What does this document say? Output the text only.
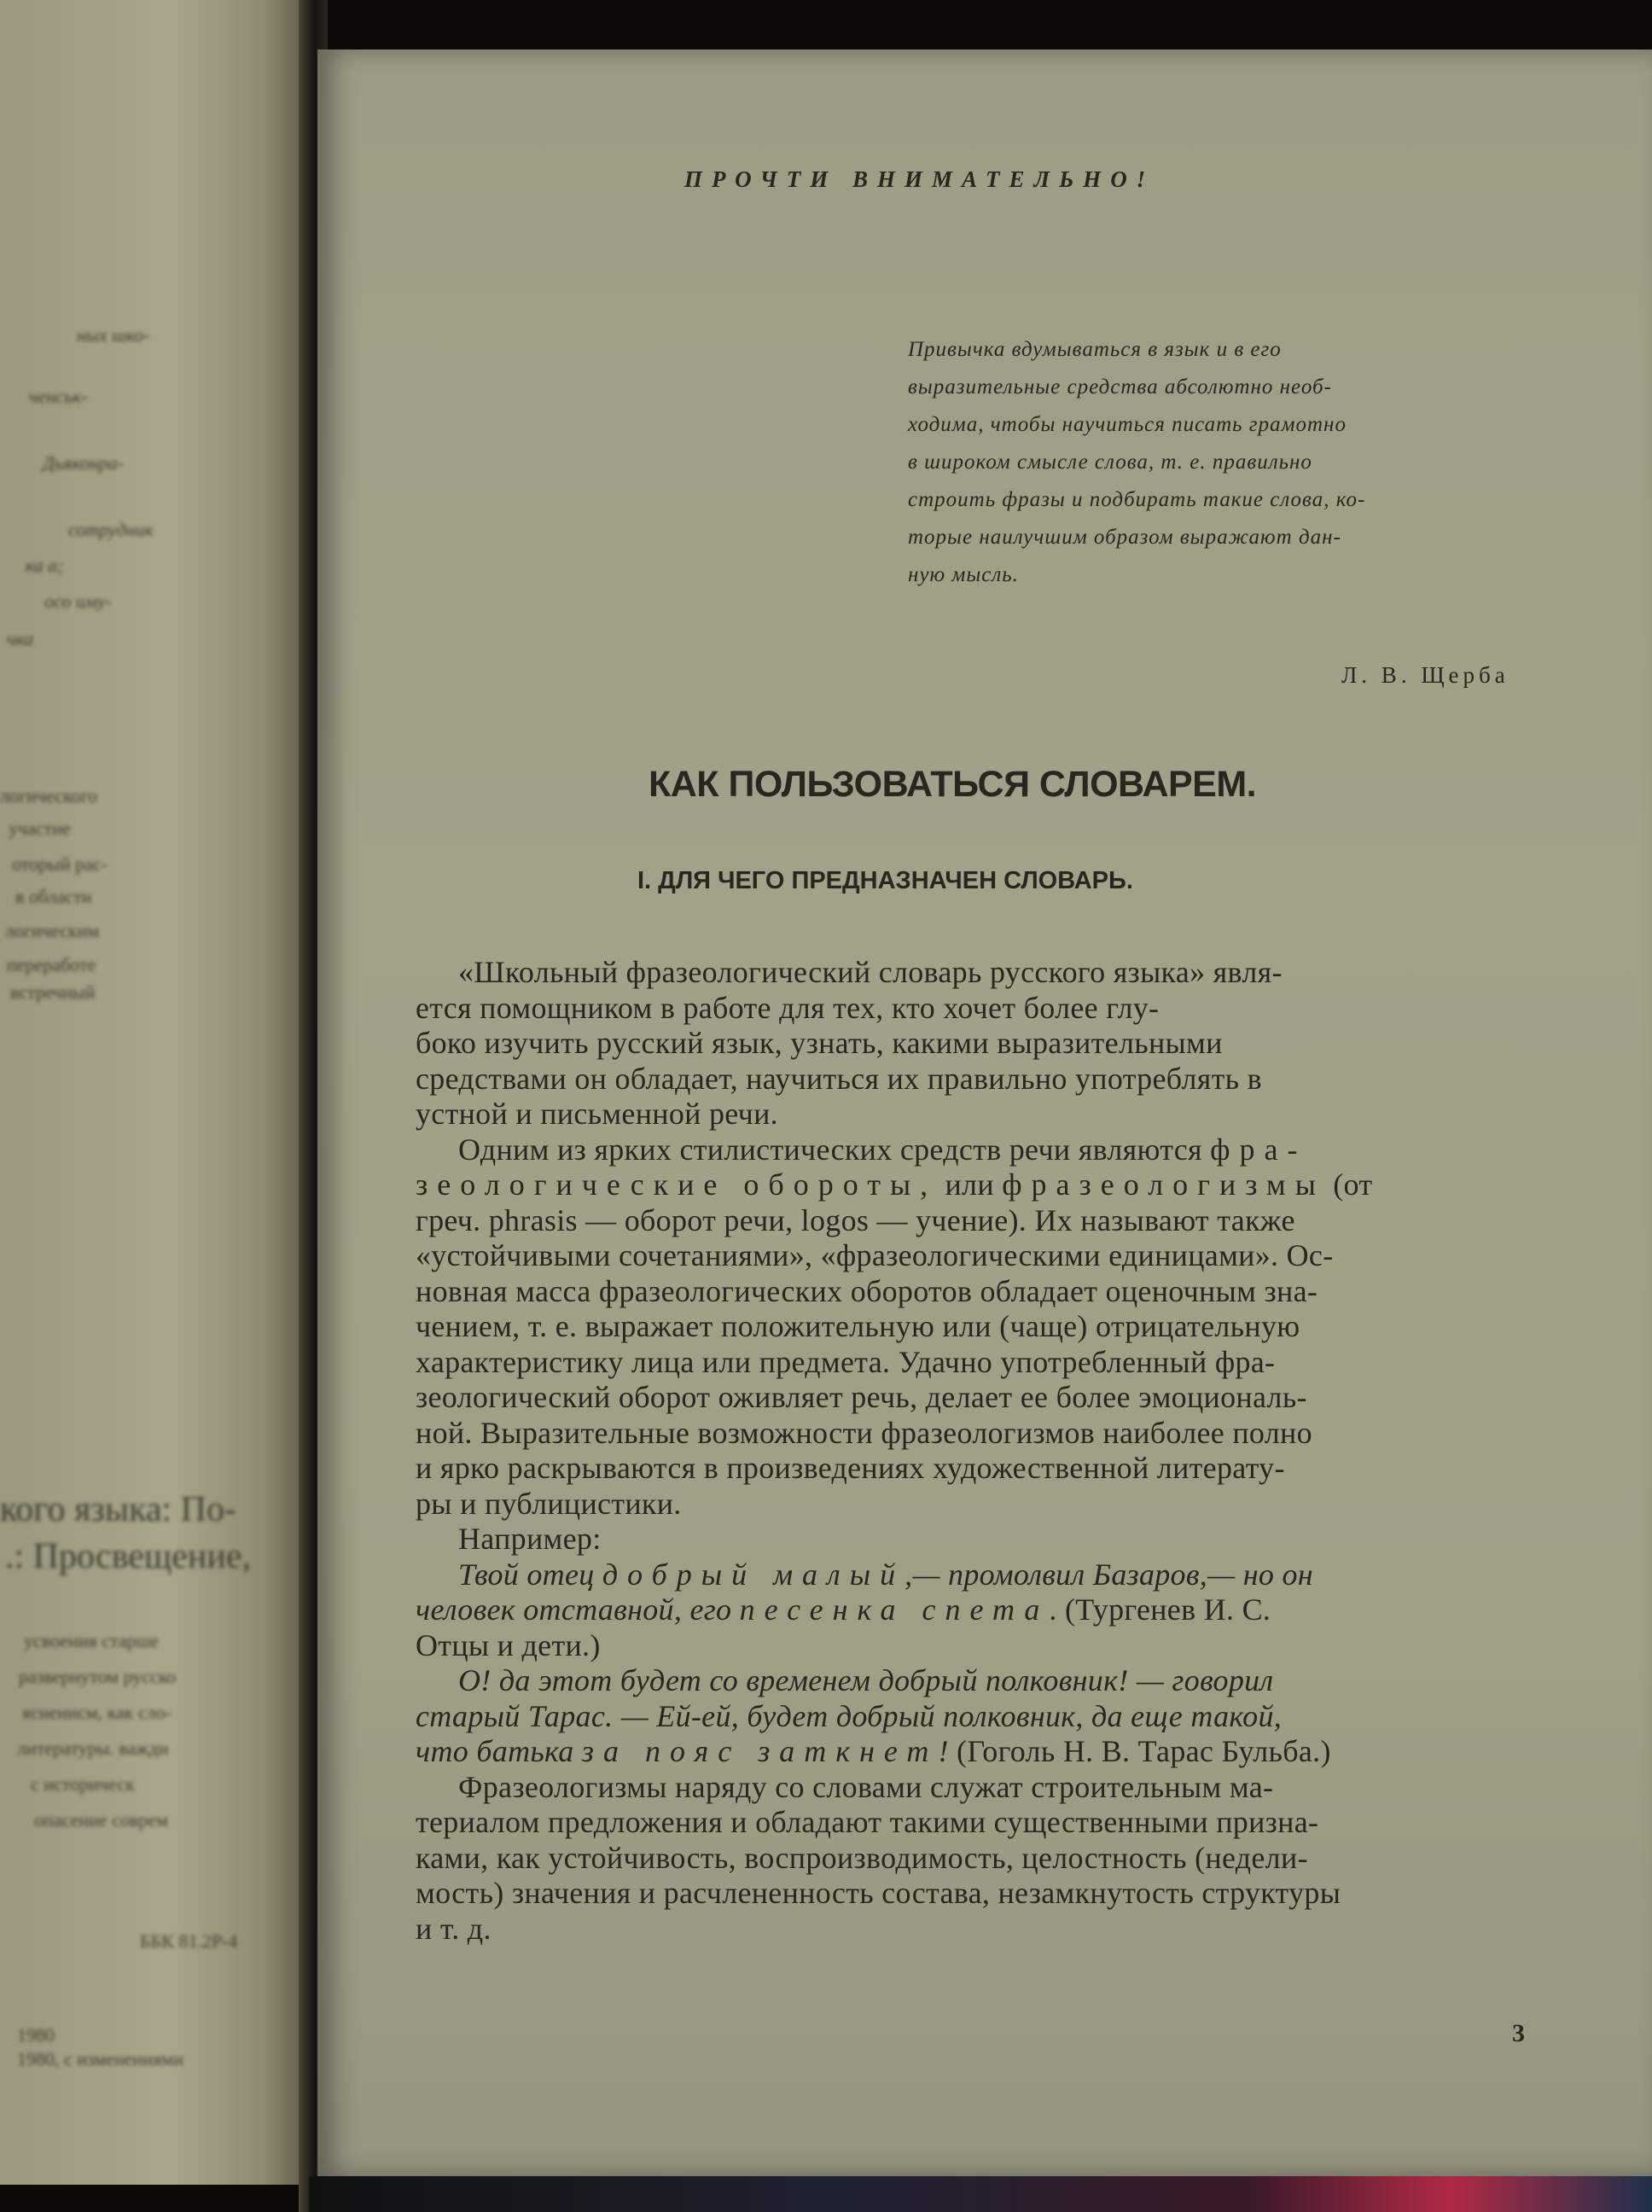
ных шко-
ченськ-
Дьяконра-
сотрудник
ка а;
осо иму-
чка
логического
участие
оторый рас-
в области
логическим
переработе
встречный
кого языка: По-
.: Просвещение,
усвоения старше
развернутом русско
ясненисм, как сло-
литературы. важди
с историческ
опасение соврем
ББК 81.2Р-4
1980
1980, с изменениями
ПРОЧТИ ВНИМАТЕЛЬНО!
Привычка вдумываться в язык и в его
выразительные средства абсолютно необ-
ходима, чтобы научиться писать грамотно
в широком смысле слова, т. е. правильно
строить фразы и подбирать такие слова, ко-
торые наилучшим образом выражают дан-
ную мысль.
Л. В. Щерба
КАК ПОЛЬЗОВАТЬСЯ СЛОВАРЕМ.
I. ДЛЯ ЧЕГО ПРЕДНАЗНАЧЕН СЛОВАРЬ.
«Школьный фразеологический словарь русского языка» явля-
ется помощником в работе для тех, кто хочет более глу-
боко изучить русский язык, узнать, какими выразительными
средствами он обладает, научиться их правильно употреблять в
устной и письменной речи.
Одним из ярких стилистических средств речи являются фра-
зеологические обороты, или фразеологизмы (от
греч. phrasis — оборот речи, logos — учение). Их называют также
«устойчивыми сочетаниями», «фразеологическими единицами». Ос-
новная масса фразеологических оборотов обладает оценочным зна-
чением, т. е. выражает положительную или (чаще) отрицательную
характеристику лица или предмета. Удачно употребленный фра-
зеологический оборот оживляет речь, делает ее более эмоциональ-
ной. Выразительные возможности фразеологизмов наиболее полно
и ярко раскрываются в произведениях художественной литерату-
ры и публицистики.
Например:
Твой отец добрый малый,— промолвил Базаров,— но он
человек отставной, его песенка спета. (Тургенев И. С.
Отцы и дети.)
О! да этот будет со временем добрый полковник! — говорил
старый Тарас. — Ей-ей, будет добрый полковник, да еще такой,
что батька за пояс заткнет! (Гоголь Н. В. Тарас Бульба.)
Фразеологизмы наряду со словами служат строительным ма-
териалом предложения и обладают такими существенными призна-
ками, как устойчивость, воспроизводимость, целостность (недели-
мость) значения и расчлененность состава, незамкнутость структуры
и т. д.
3
